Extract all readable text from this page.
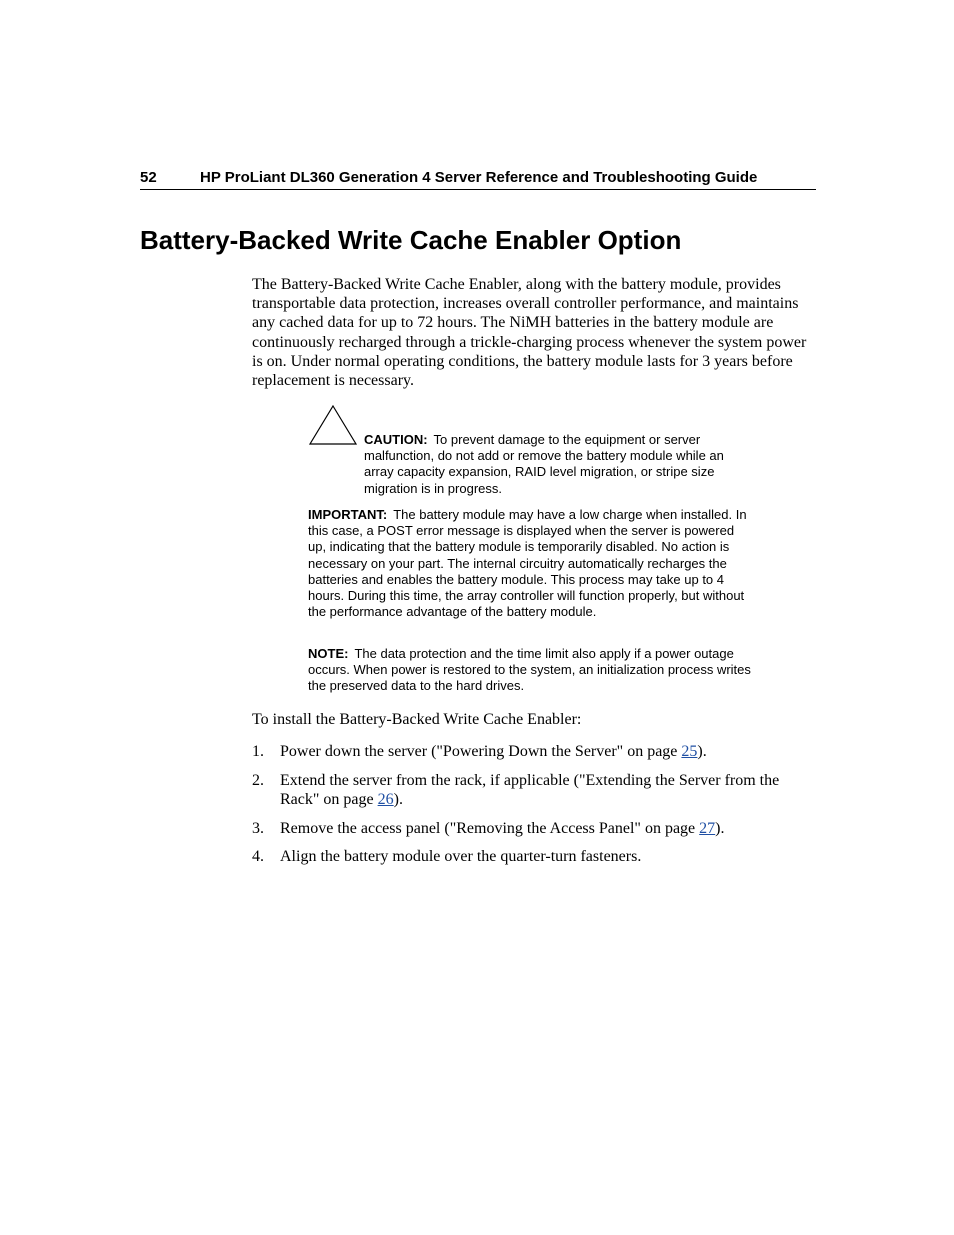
52	HP ProLiant DL360 Generation 4 Server Reference and Troubleshooting Guide
Battery-Backed Write Cache Enabler Option

The Battery-Backed Write Cache Enabler, along with the battery module, provides transportable data protection, increases overall controller performance, and maintains any cached data for up to 72 hours. The NiMH batteries in the battery module are continuously recharged through a trickle-charging process whenever the system power is on. Under normal operating conditions, the battery module lasts for 3 years before replacement is necessary.

CAUTION: To prevent damage to the equipment or server malfunction, do not add or remove the battery module while an array capacity expansion, RAID level migration, or stripe size migration is in progress.
IMPORTANT: The battery module may have a low charge when installed. In this case, a POST error message is displayed when the server is powered up, indicating that the battery module is temporarily disabled. No action is necessary on your part. The internal circuitry automatically recharges the batteries and enables the battery module. This process may take up to 4 hours. During this time, the array controller will function properly, but without the performance advantage of the battery module.
NOTE: The data protection and the time limit also apply if a power outage occurs. When power is restored to the system, an initialization process writes the preserved data to the hard drives.

To install the Battery-Backed Write Cache Enabler:

1. Power down the server ("Powering Down the Server" on page 25).
2. Extend the server from the rack, if applicable ("Extending the Server from the Rack" on page 26).
3. Remove the access panel ("Removing the Access Panel" on page 27).
4. Align the battery module over the quarter-turn fasteners.
